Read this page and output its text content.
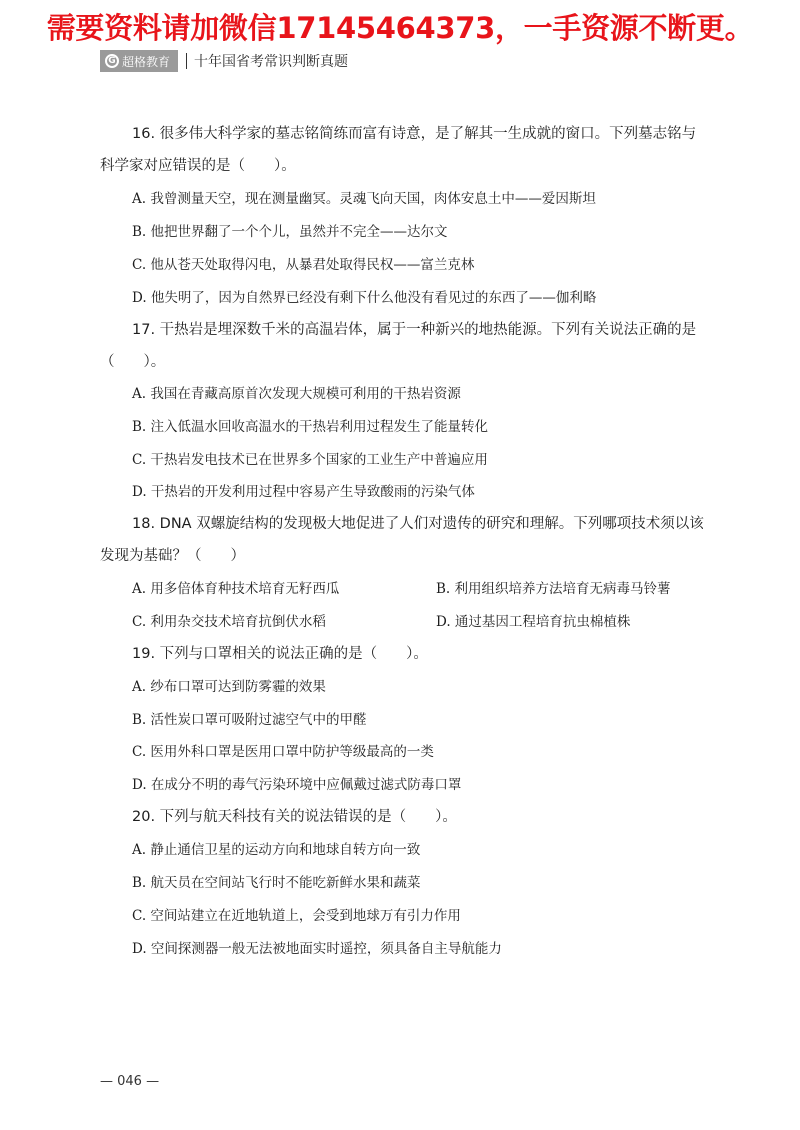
需要资料请加微信17145464373，一手资源不断更。
G 超格教育 十年国省考常识判断真题
16. 很多伟大科学家的墓志铭简练而富有诗意，是了解其一生成就的窗口。下列墓志铭与
科学家对应错误的是（　　）。
A. 我曾测量天空，现在测量幽冥。灵魂飞向天国，肉体安息土中——爱因斯坦
B. 他把世界翻了一个个儿，虽然并不完全——达尔文
C. 他从苍天处取得闪电，从暴君处取得民权——富兰克林
D. 他失明了，因为自然界已经没有剩下什么他没有看见过的东西了——伽利略
17. 干热岩是埋深数千米的高温岩体，属于一种新兴的地热能源。下列有关说法正确的是
（　　）。
A. 我国在青藏高原首次发现大规模可利用的干热岩资源
B. 注入低温水回收高温水的干热岩利用过程发生了能量转化
C. 干热岩发电技术已在世界多个国家的工业生产中普遍应用
D. 干热岩的开发利用过程中容易产生导致酸雨的污染气体
18. DNA 双螺旋结构的发现极大地促进了人们对遗传的研究和理解。下列哪项技术须以该
发现为基础？（　　）
A. 用多倍体育种技术培育无籽西瓜	B. 利用组织培养方法培育无病毒马铃薯
C. 利用杂交技术培育抗倒伏水稻	D. 通过基因工程培育抗虫棉植株
19. 下列与口罩相关的说法正确的是（　　）。
A. 纱布口罩可达到防雾霾的效果
B. 活性炭口罩可吸附过滤空气中的甲醛
C. 医用外科口罩是医用口罩中防护等级最高的一类
D. 在成分不明的毒气污染环境中应佩戴过滤式防毒口罩
20. 下列与航天科技有关的说法错误的是（　　）。
A. 静止通信卫星的运动方向和地球自转方向一致
B. 航天员在空间站飞行时不能吃新鲜水果和蔬菜
C. 空间站建立在近地轨道上，会受到地球万有引力作用
D. 空间探测器一般无法被地面实时遥控，须具备自主导航能力
— 046 —
